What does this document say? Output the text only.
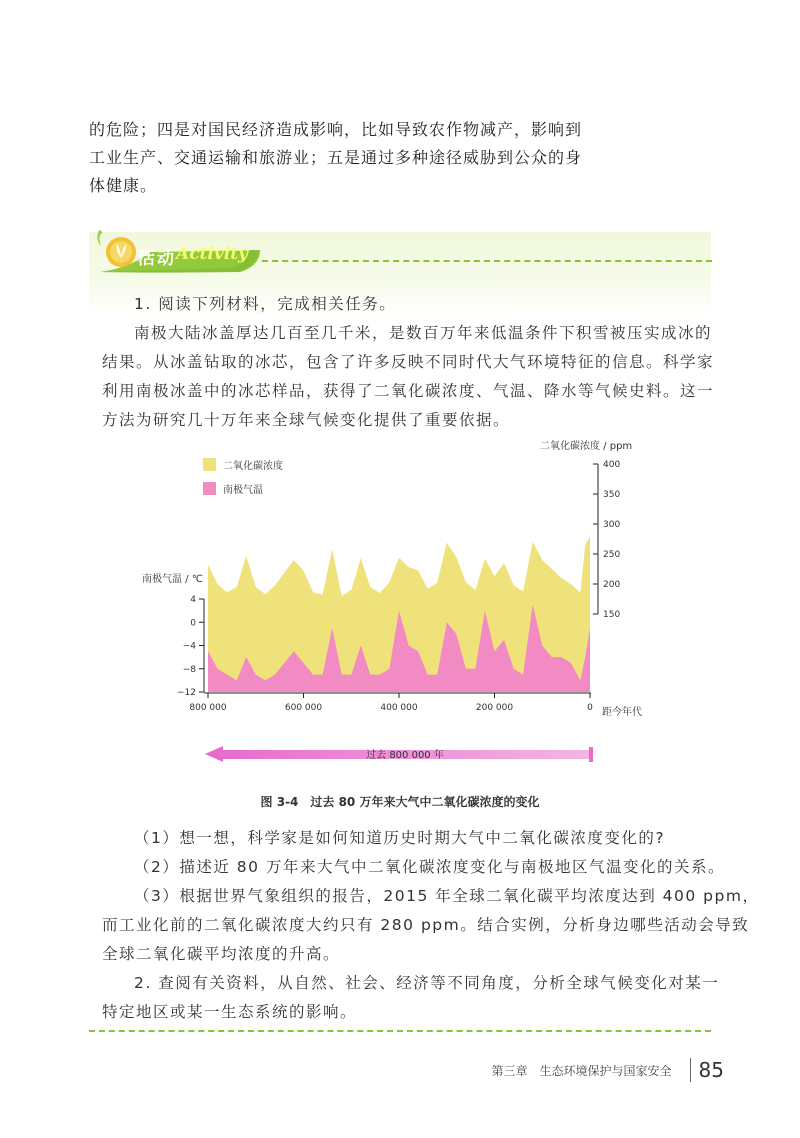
的危险；四是对国民经济造成影响，比如导致农作物减产，影响到
工业生产、交通运输和旅游业；五是通过多种途径威胁到公众的身
体健康。
活动 Activity
1. 阅读下列材料，完成相关任务。
南极大陆冰盖厚达几百至几千米，是数百万年来低温条件下积雪被压实成冰的
结果。从冰盖钻取的冰芯，包含了许多反映不同时代大气环境特征的信息。科学家
利用南极冰盖中的冰芯样品，获得了二氧化碳浓度、气温、降水等气候史料。这一
方法为研究几十万年来全球气候变化提供了重要依据。
二氧化碳浓度 / ppm
南极气温 / ℃
距今年代
二氧化碳浓度
南极气温
4
0
−4
−8
−12
800 000	600 000	400 000	200 000	0
400
350
300
250
200
150
过去 800 000 年
图 3-4　过去 80 万年来大气中二氧化碳浓度的变化
（1）想一想，科学家是如何知道历史时期大气中二氧化碳浓度变化的?
（2）描述近 80 万年来大气中二氧化碳浓度变化与南极地区气温变化的关系。
（3）根据世界气象组织的报告，2015 年全球二氧化碳平均浓度达到 400 ppm，
而工业化前的二氧化碳浓度大约只有 280 ppm。结合实例，分析身边哪些活动会导致
全球二氧化碳平均浓度的升高。
2. 查阅有关资料，从自然、社会、经济等不同角度，分析全球气候变化对某一
特定地区或某一生态系统的影响。
第三章　生态环境保护与国家安全 85
